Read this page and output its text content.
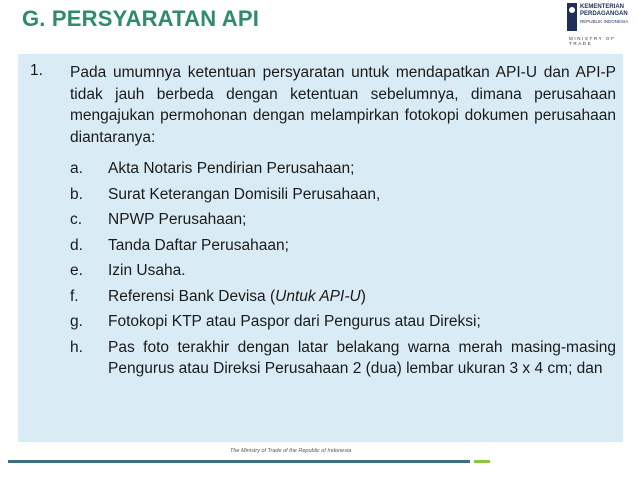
G. PERSYARATAN API	KEMENTERIAN
PERDAGANGAN
REPUBLIK INDONESIA
MINISTRY OF TRADE
1. Pada umumnya ketentuan persyaratan untuk mendapatkan API-U dan API-P tidak jauh berbeda dengan ketentuan sebelumnya, dimana perusahaan mengajukan permohonan dengan melampirkan fotokopi dokumen perusahaan diantaranya:
a. Akta Notaris Pendirian Perusahaan;
b. Surat Keterangan Domisili Perusahaan,
c. NPWP Perusahaan;
d. Tanda Daftar Perusahaan;
e. Izin Usaha.
f. Referensi Bank Devisa (Untuk API-U)
g. Fotokopi KTP atau Paspor dari Pengurus atau Direksi;
h. Pas foto terakhir dengan latar belakang warna merah masing-masing Pengurus atau Direksi Perusahaan 2 (dua) lembar ukuran 3 x 4 cm; dan
The Ministry of Trade of the Republic of Indonesia
